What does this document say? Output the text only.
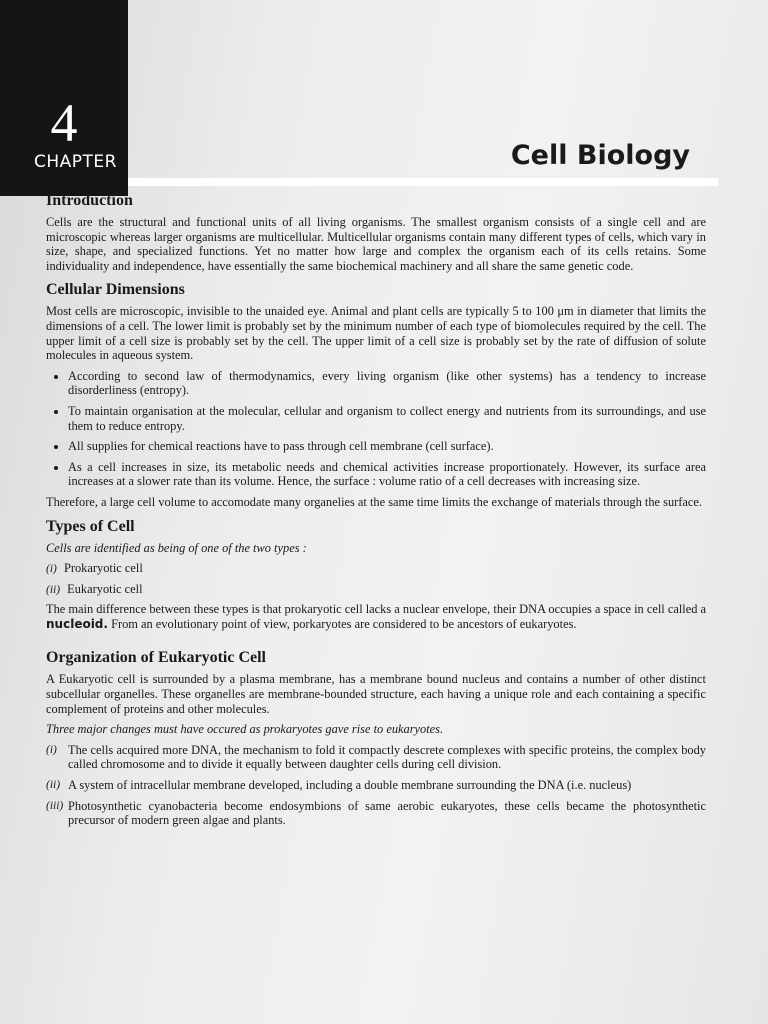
4
CHAPTER	Cell Biology
Introduction

Cells are the structural and functional units of all living organisms. The smallest organism consists of a single cell and are microscopic whereas larger organisms are multicellular. Multicellular organisms contain many different types of cells, which vary in size, shape, and specialized functions. Yet no matter how large and complex the organism each of its cells retains. Some individuality and independence, have essentially the same biochemical machinery and all share the same genetic code.

Cellular Dimensions

Most cells are microscopic, invisible to the unaided eye. Animal and plant cells are typically 5 to 100 μm in diameter that limits the dimensions of a cell. The lower limit is probably set by the minimum number of each type of biomolecules required by the cell. The upper limit of a cell size is probably set by the cell. The upper limit of a cell size is probably set by the rate of diffusion of solute molecules in aqueous system.

• According to second law of thermodynamics, every living organism (like other systems) has a tendency to increase disorderliness (entropy).
• To maintain organisation at the molecular, cellular and organism to collect energy and nutrients from its surroundings, and use them to reduce entropy.
• All supplies for chemical reactions have to pass through cell membrane (cell surface).
• As a cell increases in size, its metabolic needs and chemical activities increase proportionately. However, its surface area increases at a slower rate than its volume. Hence, the surface : volume ratio of a cell decreases with increasing size.

Therefore, a large cell volume to accomodate many organelies at the same time limits the exchange of materials through the surface.

Types of Cell

Cells are identified as being of one of the two types :

(i) Prokaryotic cell
(ii) Eukaryotic cell

The main difference between these types is that prokaryotic cell lacks a nuclear envelope, their DNA occupies a space in cell called a nucleoid. From an evolutionary point of view, porkaryotes are considered to be ancestors of eukaryotes.

Organization of Eukaryotic Cell

A Eukaryotic cell is surrounded by a plasma membrane, has a membrane bound nucleus and contains a number of other distinct subcellular organelles. These organelles are membrane-bounded structure, each having a unique role and each containing a specific complement of proteins and other molecules.

Three major changes must have occured as prokaryotes gave rise to eukaryotes.

(i) The cells acquired more DNA, the mechanism to fold it compactly descrete complexes with specific proteins, the complex body called chromosome and to divide it equally between daughter cells during cell division.
(ii) A system of intracellular membrane developed, including a double membrane surrounding the DNA (i.e. nucleus)
(iii) Photosynthetic cyanobacteria become endosymbions of same aerobic eukaryotes, these cells became the photosynthetic precursor of modern green algae and plants.
